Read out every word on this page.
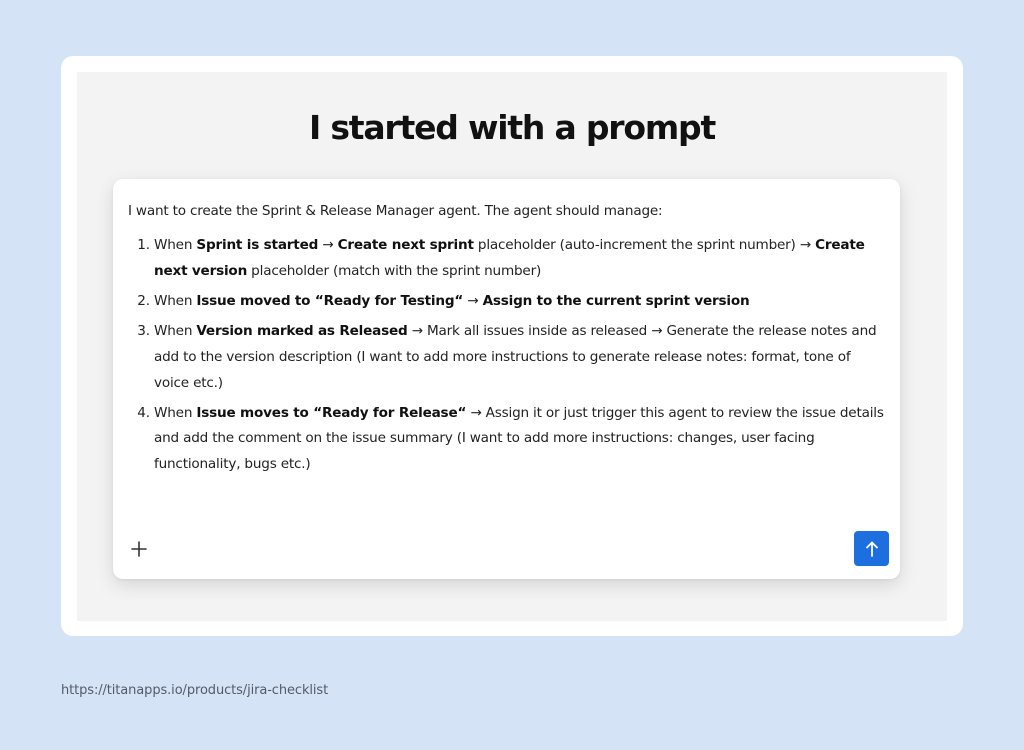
I started with a prompt

I want to create the Sprint & Release Manager agent. The agent should manage:

1. When Sprint is started → Create next sprint placeholder (auto-increment the sprint number) → Create next version placeholder (match with the sprint number)
2. When Issue moved to “Ready for Testing“ → Assign to the current sprint version
3. When Version marked as Released → Mark all issues inside as released → Generate the release notes and add to the version description (I want to add more instructions to generate release notes: format, tone of voice etc.)
4. When Issue moves to “Ready for Release“ → Assign it or just trigger this agent to review the issue details and add the comment on the issue summary (I want to add more instructions: changes, user facing functionality, bugs etc.)
https://titanapps.io/products/jira-checklist
